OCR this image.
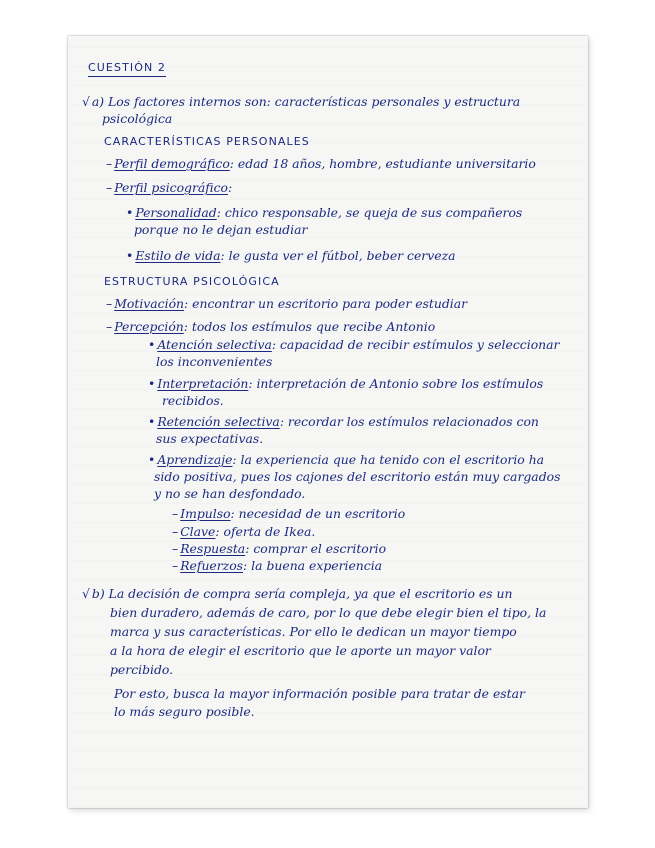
CUESTIÓN 2
√ a) Los factores internos son: características personales y estructura
psicológica
CARACTERÍSTICAS PERSONALES
– Perfil demográfico: edad 18 años, hombre, estudiante universitario
– Perfil psicográfico:
• Personalidad: chico responsable, se queja de sus compañeros
porque no le dejan estudiar
• Estilo de vida: le gusta ver el fútbol, beber cerveza
ESTRUCTURA PSICOLÓGICA
– Motivación: encontrar un escritorio para poder estudiar
– Percepción: todos los estímulos que recibe Antonio
• Atención selectiva: capacidad de recibir estímulos y seleccionar
los inconvenientes
• Interpretación: interpretación de Antonio sobre los estímulos
recibidos.
• Retención selectiva: recordar los estímulos relacionados con
sus expectativas.
• Aprendizaje: la experiencia que ha tenido con el escritorio ha
sido positiva, pues los cajones del escritorio están muy cargados
y no se han desfondado.
– Impulso: necesidad de un escritorio
– Clave: oferta de Ikea.
– Respuesta: comprar el escritorio
– Refuerzos: la buena experiencia
√ b) La decisión de compra sería compleja, ya que el escritorio es un
bien duradero, además de caro, por lo que debe elegir bien el tipo, la
marca y sus características. Por ello le dedican un mayor tiempo
a la hora de elegir el escritorio que le aporte un mayor valor
percibido.
Por esto, busca la mayor información posible para tratar de estar
lo más seguro posible.
